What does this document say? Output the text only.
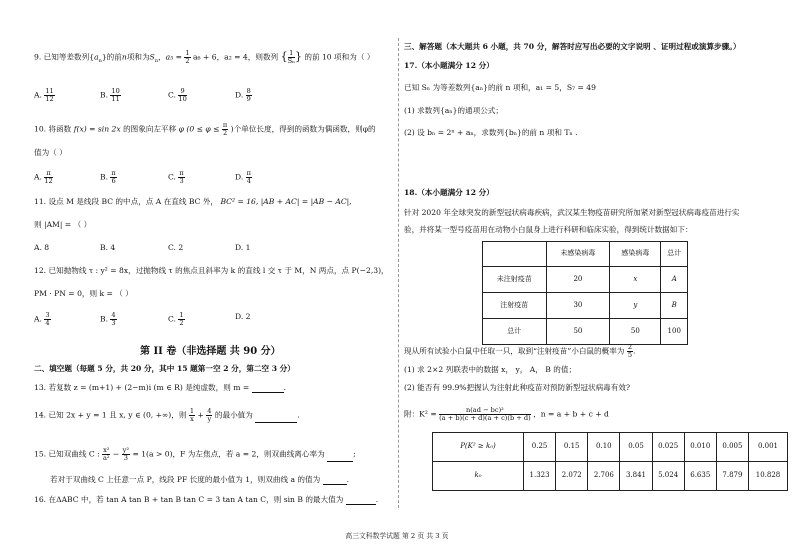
9. 已知等差数列$\{a_n\}$的前n项和为$S_n$，$a_5 = \frac{1}{2} a_6 + 6$，a₂ = 4，则数列 { $\frac{1}{\text{Sₙ}}$ } 的前 10 项和为（ ）
A. $\frac{11}{12}$	B. $\frac{10}{11}$	C. $\frac{9}{10}$	D. $\frac{8}{9}$
10. 将函数 f(x) = sin 2x 的图象向左平移 φ ($0 \le \varphi \le \frac{\pi}{2}$ )个单位长度，得到的函数为偶函数，则φ的
值为（ ）
A. $\frac{\pi}{12}$	B. $\frac{\pi}{6}$	C. $\frac{\pi}{3}$	D. $\frac{\pi}{4}$
11. 设点 M 是线段 BC 的中点，点 A 在直线 BC 外， BC² = 16, |AB + AC| = |AB − AC|,
则 |AM| = （ ）
A. 8	B. 4	C. 2	D. 1
12. 已知抛物线 τ : y² = 8x，过抛物线 τ 的焦点且斜率为 k 的直线 l 交 τ 于 M，N 两点，点 P(−2,3)，
PM · PN = 0，则 k = （ ）
A. $\frac{3}{4}$	B. $\frac{4}{3}$	C. $\frac{1}{2}$	D. 2
第 II 卷（非选择题 共 90 分）
二、填空题（每题 5 分，共 20 分，其中 15 题第一空 2 分，第二空 3 分）
13. 若复数 z = (m+1) + (2−m)i (m ∈ R) 是纯虚数，则 m =	.
14. 已知 2x + y = 1 且 x, y ∈ (0, +∞)，则 $\frac{1}{x} + \frac{4}{y}$ 的最小值为	.
15. 已知双曲线 C : $\frac{\text{x²}}{\text{a²}} - \frac{\text{y²}}{3} = 1(a > 0)$，F 为左焦点，若 a = 2，则双曲线离心率为	;
若对于双曲线 C 上任意一点 P，线段 PF 长度的最小值为 1，则双曲线 a 的值为	.
16. 在ΔABC 中，若 tan A tan B + tan B tan C = 3 tan A tan C，则 sin B 的最大值为	.
三、解答题（本大题共 6 小题，共 70 分，解答时应写出必要的文字说明 、证明过程或演算步骤。）
17.（本小题满分 12 分）
已知 Sₙ 为等差数列{aₙ}的前 n 项和，a₁ = 5，S₇ = 49
(1) 求数列{aₙ}的通项公式；
(2) 设 bₙ = 2ⁿ + aₙ，求数列{bₙ}的前 n 项和 Tₙ .
18.（本小题满分 12 分）
针对 2020 年全球突发的新型冠状病毒疾病，武汉某生物疫苗研究所加紧对新型冠状病毒疫苗进行实
验，并将某一型号疫苗用在动物小白鼠身上进行科研和临床实验，得到统计数据如下：
	未感染病毒	感染病毒	总计
未注射疫苗	20	x	A
注射疫苗	30	y	B
总计	50	50	100
现从所有试验小白鼠中任取一只，取到“注射疫苗”小白鼠的概率为 $\frac{2}{5}$ .
(1) 求 2×2 列联表中的数据 x， y， A， B 的值；
(2) 能否有 99.9%把握认为注射此种疫苗对预防新型冠状病毒有效?
附：$K^2 = \frac{\text{n(ad − bc)²}}{(a + b)(c + d)(a + c)(b + d)}$ ，n = a + b + c + d
P(K² ≥ k₀)	0.25	0.15	0.10	0.05	0.025	0.010	0.005	0.001
k₀	1.323	2.072	2.706	3.841	5.024	6.635	7.879	10.828
高三文科数学试题 第 2 页 共 3 页
